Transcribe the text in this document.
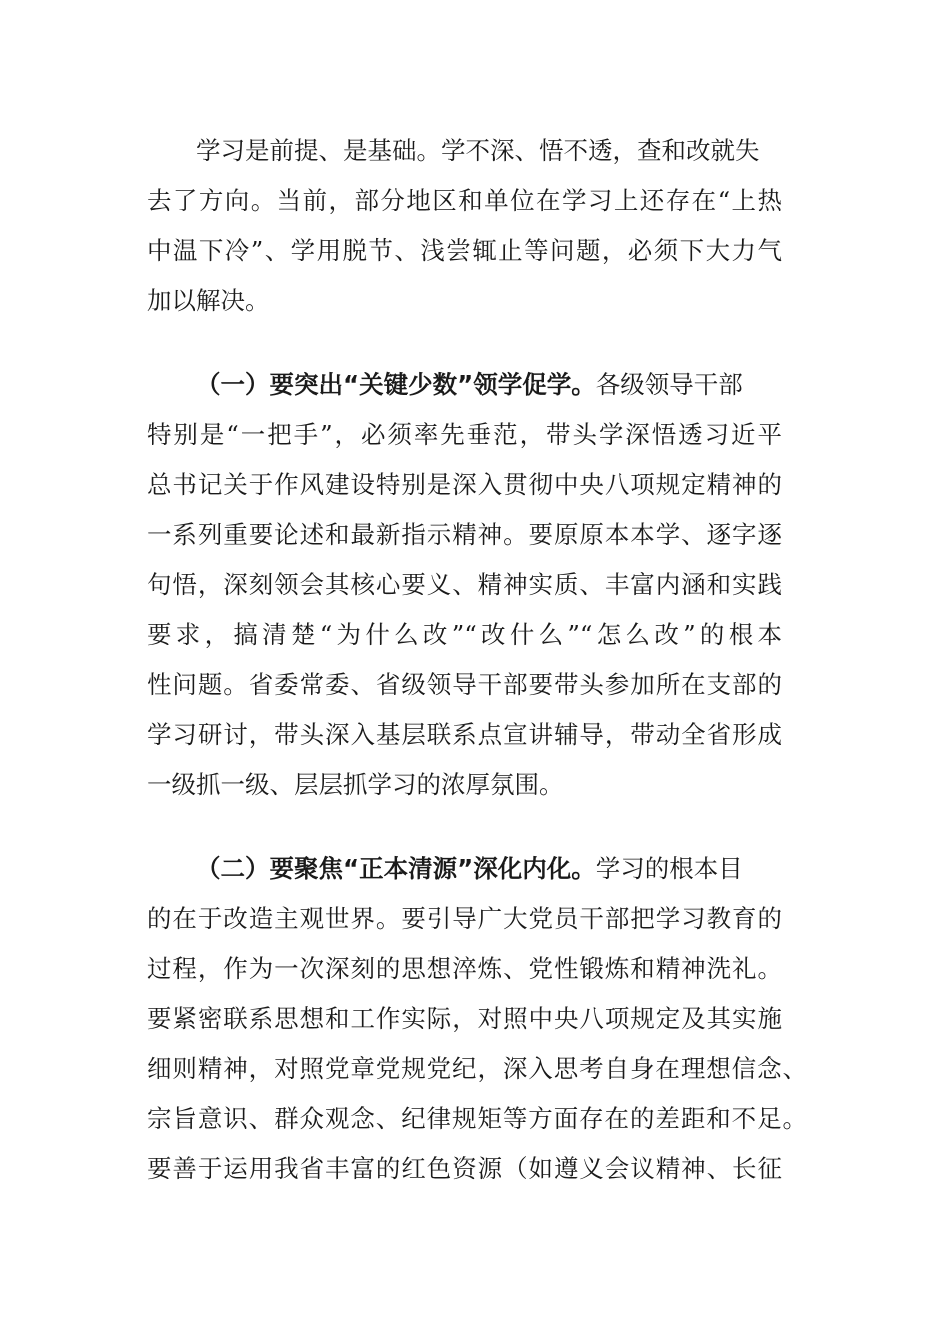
学习是前提、是基础。学不深、悟不透，查和改就失
去了方向。当前，部分地区和单位在学习上还存在“上热
中温下冷”、学用脱节、浅尝辄止等问题，必须下大力气
加以解决。
（一）要突出“关键少数”领学促学。各级领导干部
特别是“一把手”，必须率先垂范，带头学深悟透习近平
总书记关于作风建设特别是深入贯彻中央八项规定精神的
一系列重要论述和最新指示精神。要原原本本学、逐字逐
句悟，深刻领会其核心要义、精神实质、丰富内涵和实践
要求，搞清楚“为什么改”“改什么”“怎么改”的根本
性问题。省委常委、省级领导干部要带头参加所在支部的
学习研讨，带头深入基层联系点宣讲辅导，带动全省形成
一级抓一级、层层抓学习的浓厚氛围。
（二）要聚焦“正本清源”深化内化。学习的根本目
的在于改造主观世界。要引导广大党员干部把学习教育的
过程，作为一次深刻的思想淬炼、党性锻炼和精神洗礼。
要紧密联系思想和工作实际，对照中央八项规定及其实施
细则精神，对照党章党规党纪，深入思考自身在理想信念、
宗旨意识、群众观念、纪律规矩等方面存在的差距和不足。
要善于运用我省丰富的红色资源（如遵义会议精神、长征
